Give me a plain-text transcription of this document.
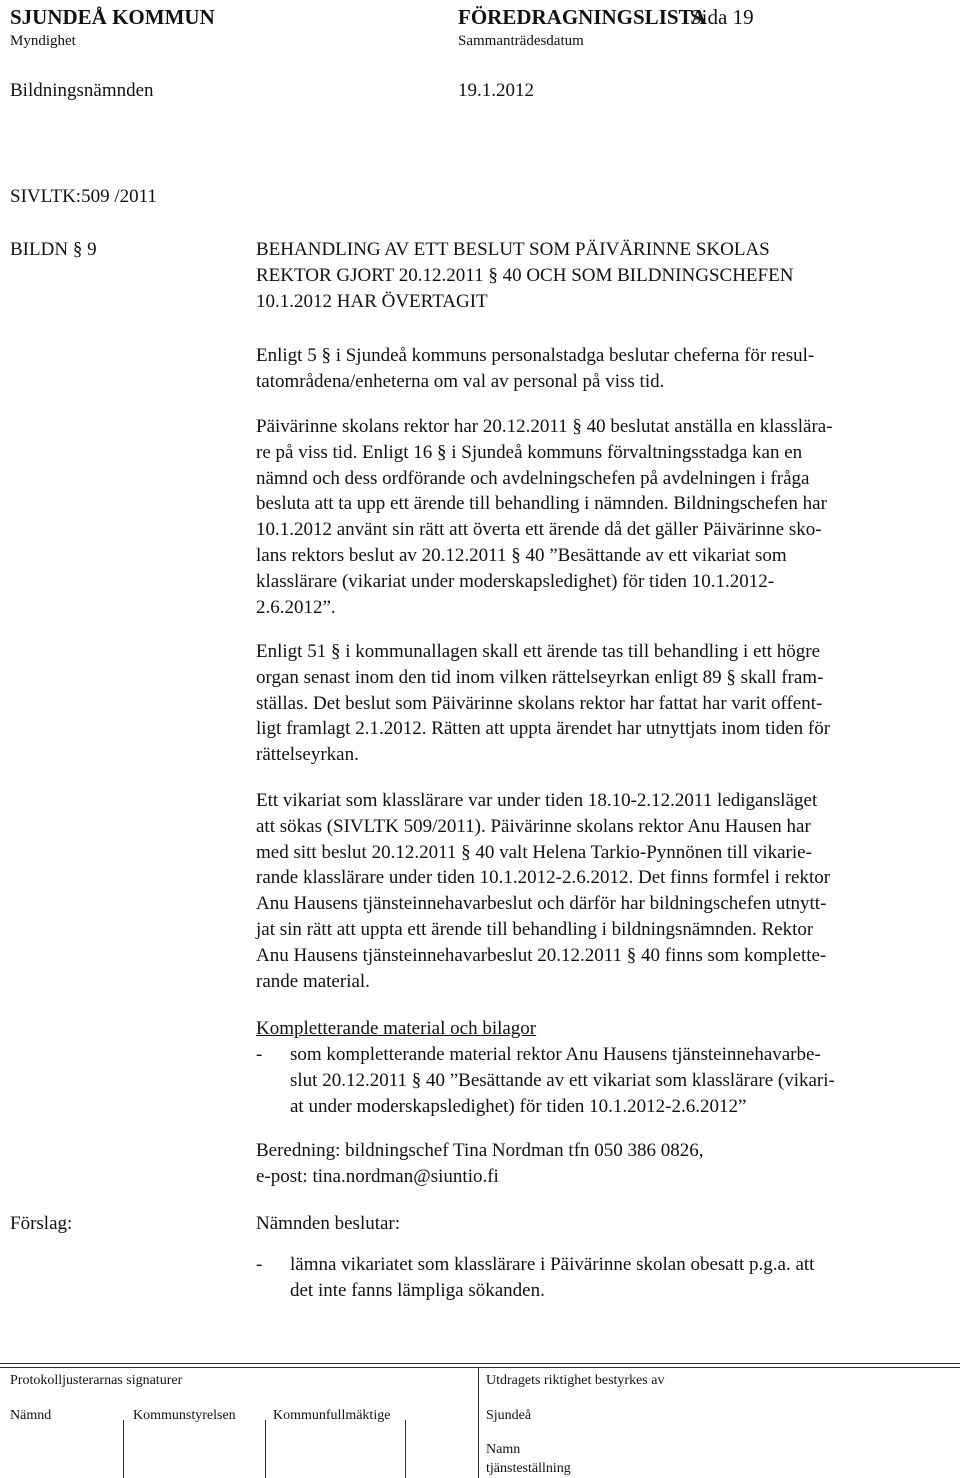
SJUNDEÅ KOMMUN	FÖREDRAGNINGSLISTA
Sida 19
Myndighet	Sammanträdesdatum
Bildningsnämnden	19.1.2012
SIVLTK:509 /2011
BILDN § 9	BEHANDLING AV ETT BESLUT SOM PÄIVÄRINNE SKOLAS

REKTOR GJORT 20.12.2011 § 40 OCH SOM BILDNINGSCHEFEN

10.1.2012 HAR ÖVERTAGIT

Enligt 5 § i Sjundeå kommuns personalstadga beslutar cheferna för resul-

tatområdena/enheterna om val av personal på viss tid.

Päivärinne skolans rektor har 20.12.2011 § 40 beslutat anställa en klasslära-

re på viss tid. Enligt 16 § i Sjundeå kommuns förvaltningsstadga kan en

nämnd och dess ordförande och avdelningschefen på avdelningen i fråga

besluta att ta upp ett ärende till behandling i nämnden. Bildningschefen har

10.1.2012 använt sin rätt att överta ett ärende då det gäller Päivärinne sko-

lans rektors beslut av 20.12.2011 § 40 ”Besättande av ett vikariat som

klasslärare (vikariat under moderskapsledighet) för tiden 10.1.2012-

2.6.2012”.

Enligt 51 § i kommunallagen skall ett ärende tas till behandling i ett högre

organ senast inom den tid inom vilken rättelseyrkan enligt 89 § skall fram-

ställas. Det beslut som Päivärinne skolans rektor har fattat har varit offent-

ligt framlagt 2.1.2012. Rätten att uppta ärendet har utnyttjats inom tiden för

rättelseyrkan.

Ett vikariat som klasslärare var under tiden 18.10-2.12.2011 ledigansläget

att sökas (SIVLTK 509/2011). Päivärinne skolans rektor Anu Hausen har

med sitt beslut 20.12.2011 § 40 valt Helena Tarkio-Pynnönen till vikarie-

rande klasslärare under tiden 10.1.2012-2.6.2012. Det finns formfel i rektor

Anu Hausens tjänsteinnehavarbeslut och därför har bildningschefen utnytt-

jat sin rätt att uppta ett ärende till behandling i bildningsnämnden. Rektor

Anu Hausens tjänsteinnehavarbeslut 20.12.2011 § 40 finns som komplette-

rande material.

Kompletterande material och bilagor

- som kompletterande material rektor Anu Hausens tjänsteinnehavarbe-

slut 20.12.2011 § 40 ”Besättande av ett vikariat som klasslärare (vikari-

at under moderskapsledighet) för tiden 10.1.2012-2.6.2012”

Beredning: bildningschef Tina Nordman tfn 050 386 0826,

e-post: tina.nordman@siuntio.fi

Förslag:	Nämnden beslutar:

- lämna vikariatet som klasslärare i Päivärinne skolan obesatt p.g.a. att

det inte fanns lämpliga sökanden.

Protokolljusterarnas signaturer	Utdragets riktighet bestyrkes av
Nämnd	Kommunstyrelsen	Kommunfullmäktige	Sjundeå
Namn
tjänsteställning
